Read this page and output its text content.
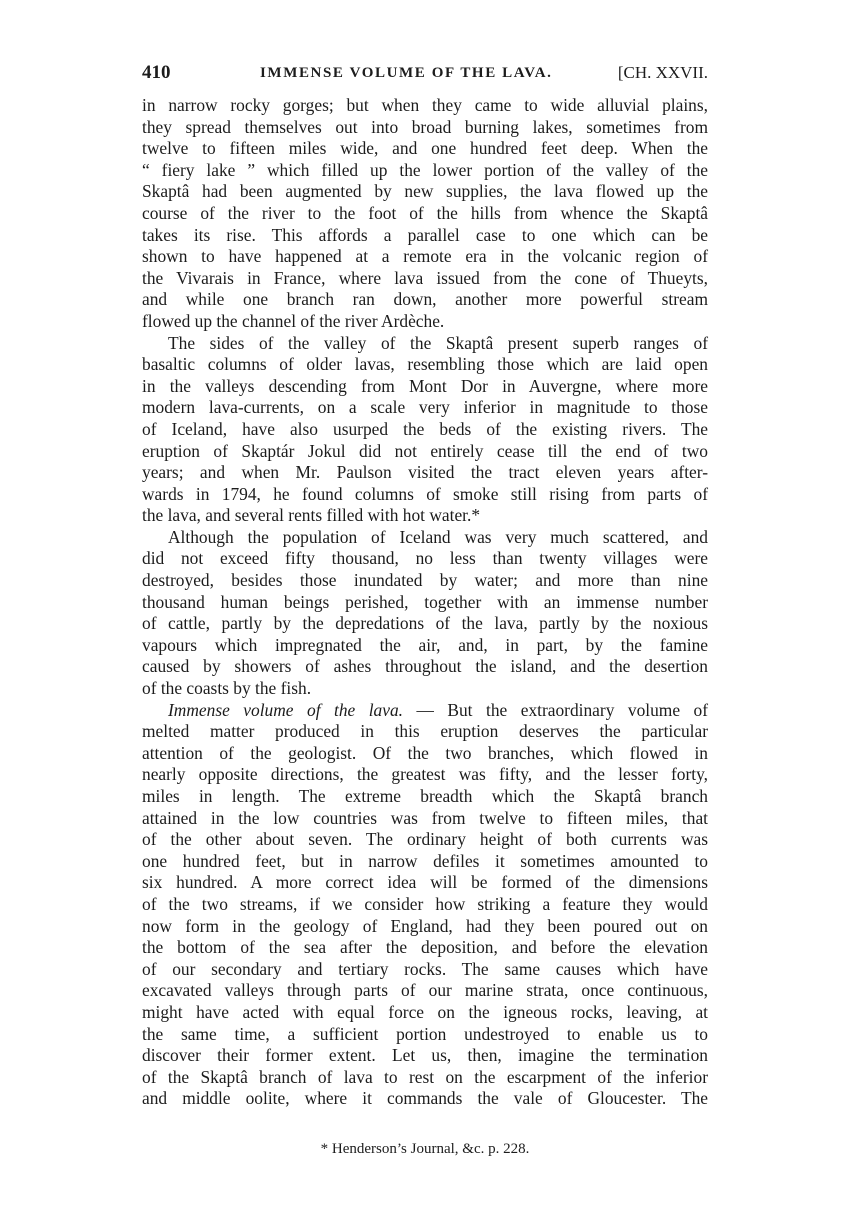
410	IMMENSE VOLUME OF THE LAVA.	[CH. XXVII.
in narrow rocky gorges; but when they came to wide alluvial plains,
they spread themselves out into broad burning lakes, sometimes from
twelve to fifteen miles wide, and one hundred feet deep. When the
“ fiery lake ” which filled up the lower portion of the valley of the
Skaptâ had been augmented by new supplies, the lava flowed up the
course of the river to the foot of the hills from whence the Skaptâ
takes its rise. This affords a parallel case to one which can be
shown to have happened at a remote era in the volcanic region of
the Vivarais in France, where lava issued from the cone of Thueyts,
and while one branch ran down, another more powerful stream
flowed up the channel of the river Ardèche.
The sides of the valley of the Skaptâ present superb ranges of
basaltic columns of older lavas, resembling those which are laid open
in the valleys descending from Mont Dor in Auvergne, where more
modern lava-currents, on a scale very inferior in magnitude to those
of Iceland, have also usurped the beds of the existing rivers. The
eruption of Skaptár Jokul did not entirely cease till the end of two
years; and when Mr. Paulson visited the tract eleven years after-
wards in 1794, he found columns of smoke still rising from parts of
the lava, and several rents filled with hot water.*
Although the population of Iceland was very much scattered, and
did not exceed fifty thousand, no less than twenty villages were
destroyed, besides those inundated by water; and more than nine
thousand human beings perished, together with an immense number
of cattle, partly by the depredations of the lava, partly by the noxious
vapours which impregnated the air, and, in part, by the famine
caused by showers of ashes throughout the island, and the desertion
of the coasts by the fish.
Immense volume of the lava. — But the extraordinary volume of
melted matter produced in this eruption deserves the particular
attention of the geologist. Of the two branches, which flowed in
nearly opposite directions, the greatest was fifty, and the lesser forty,
miles in length. The extreme breadth which the Skaptâ branch
attained in the low countries was from twelve to fifteen miles, that
of the other about seven. The ordinary height of both currents was
one hundred feet, but in narrow defiles it sometimes amounted to
six hundred. A more correct idea will be formed of the dimensions
of the two streams, if we consider how striking a feature they would
now form in the geology of England, had they been poured out on
the bottom of the sea after the deposition, and before the elevation
of our secondary and tertiary rocks. The same causes which have
excavated valleys through parts of our marine strata, once continuous,
might have acted with equal force on the igneous rocks, leaving, at
the same time, a sufficient portion undestroyed to enable us to
discover their former extent. Let us, then, imagine the termination
of the Skaptâ branch of lava to rest on the escarpment of the inferior
and middle oolite, where it commands the vale of Gloucester. The
* Henderson’s Journal, &c. p. 228.
